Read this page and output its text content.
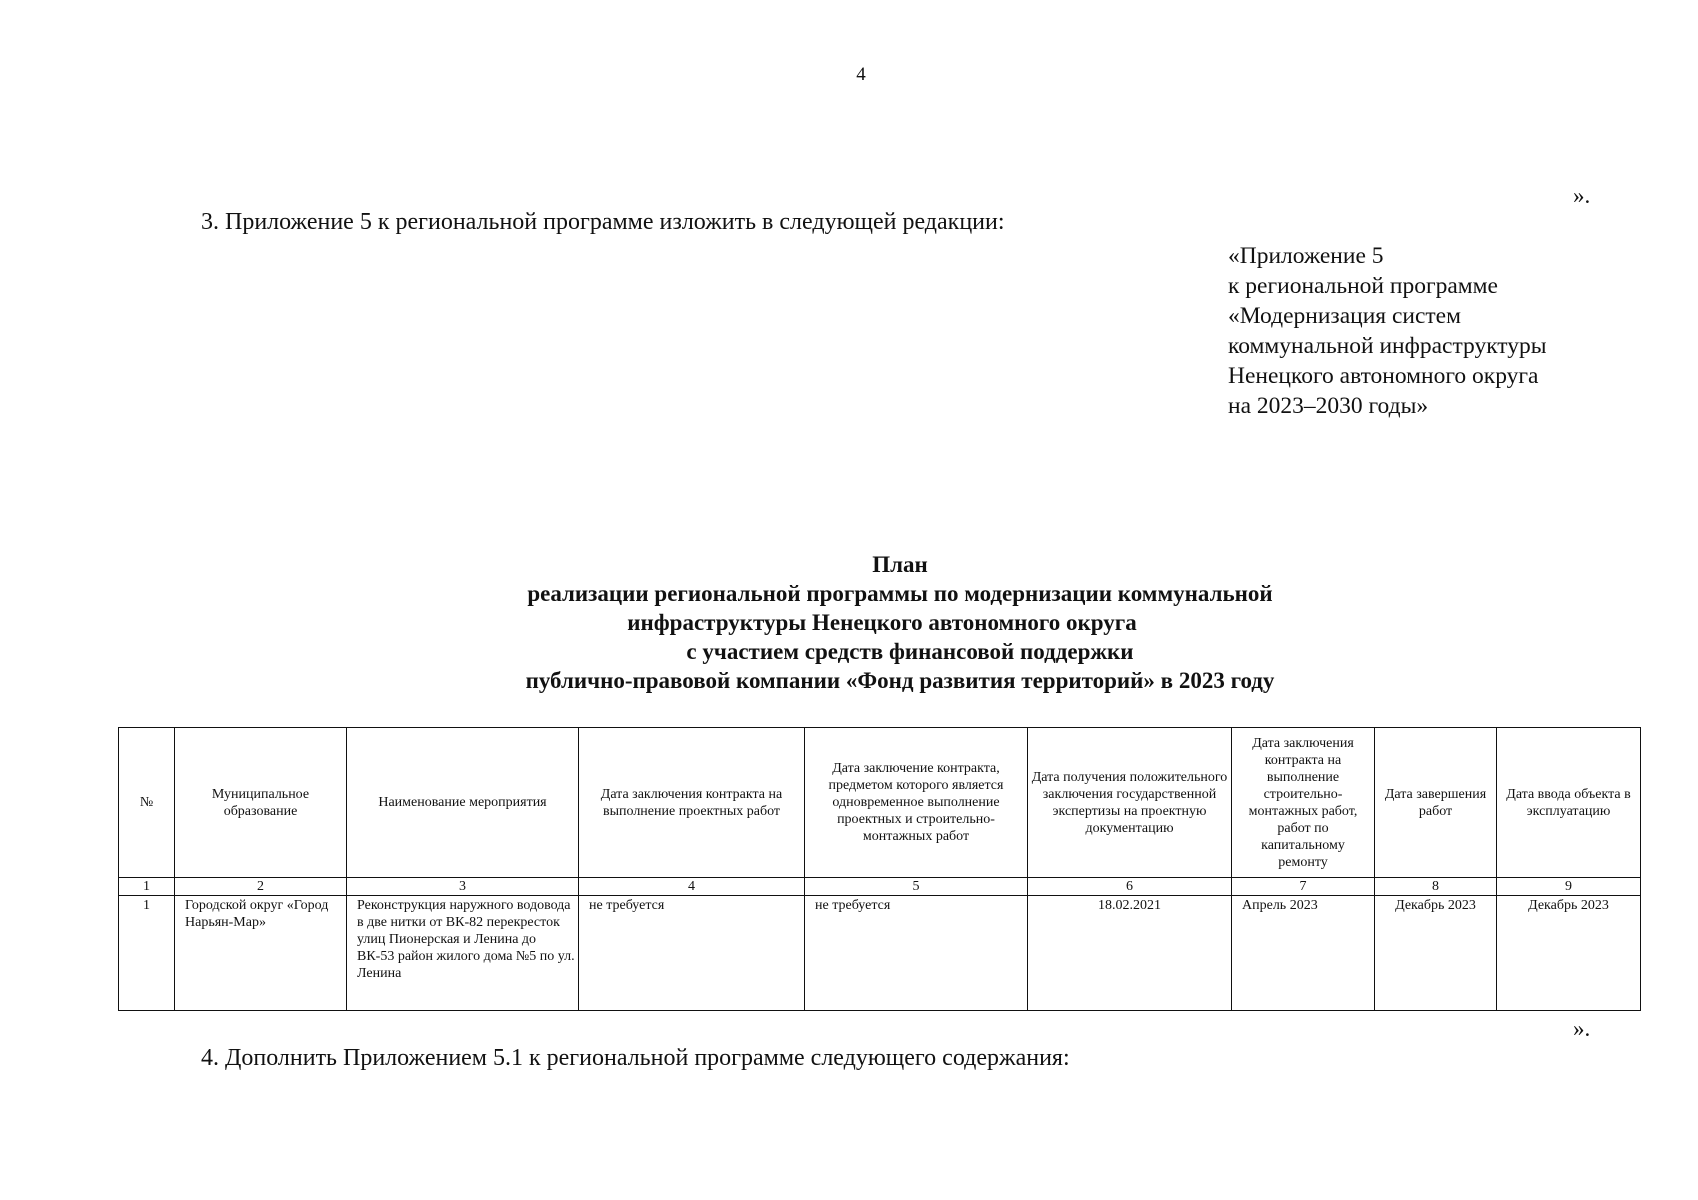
4
».
3. Приложение 5 к региональной программе изложить в следующей редакции:
«Приложение 5
к региональной программе
«Модернизация систем
коммунальной инфраструктуры
Ненецкого автономного округа
на 2023–2030 годы»
План
реализации региональной программы по модернизации коммунальной
инфраструктуры Ненецкого автономного округа
с участием средств финансовой поддержки
публично-правовой компании «Фонд развития территорий» в 2023 году
№	Муниципальное образование	Наименование мероприятия	Дата заключения контракта на выполнение проектных работ	Дата заключение контракта, предметом которого является одновременное выполнение проектных и строительно-монтажных работ	Дата получения положительного заключения государственной экспертизы на проектную документацию	Дата заключения контракта на выполнение строительно-монтажных работ, работ по капитальному ремонту	Дата завершения работ	Дата ввода объекта в эксплуатацию
1	2	3	4	5	6	7	8	9
1	Городской округ «Город Нарьян-Мар»	Реконструкция наружного водовода в две нитки от ВК-82 перекресток улиц Пионерская и Ленина до ВК-53 район жилого дома №5 по ул. Ленина	не требуется	не требуется	18.02.2021	Апрель 2023	Декабрь 2023	Декабрь 2023
».
4. Дополнить Приложением 5.1 к региональной программе следующего содержания:
